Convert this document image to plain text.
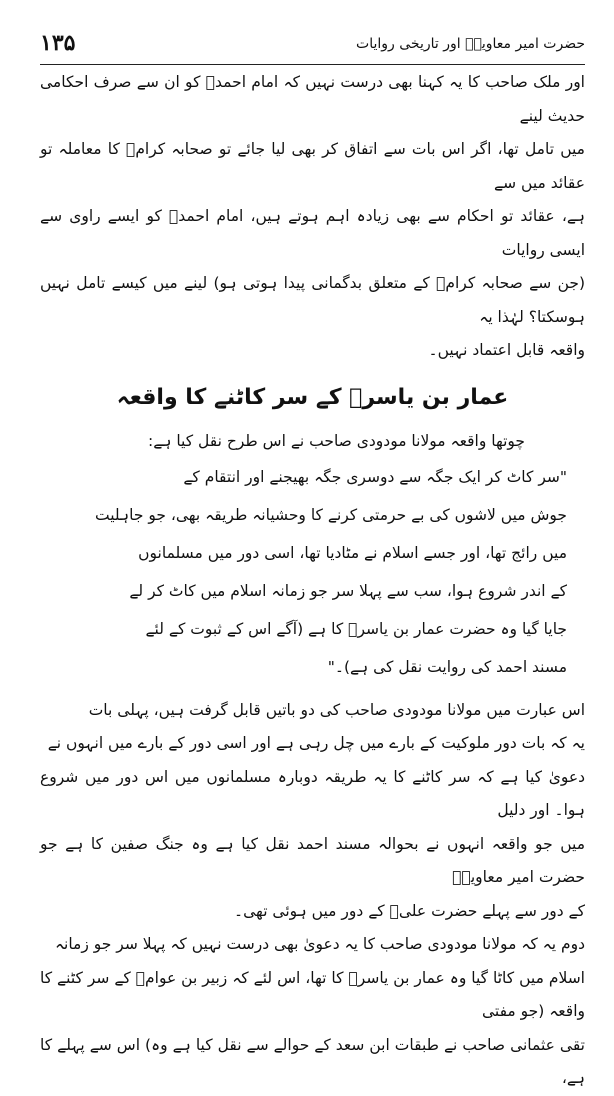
۱۳۵	حضرت امیر معاویہؓ اور تاریخی روایات

اور ملک صاحب کا یہ کہنا بھی درست نہیں کہ امام احمدؒ کو ان سے صرف احکامی حدیث لینے
میں تامل تھا، اگر اس بات سے اتفاق کر بھی لیا جائے تو صحابہ کرامؓ کا معاملہ تو عقائد میں سے
ہے، عقائد تو احکام سے بھی زیادہ اہم ہوتے ہیں، امام احمدؒ کو ایسے راوی سے ایسی روایات
(جن سے صحابہ کرامؓ کے متعلق بدگمانی پیدا ہوتی ہو) لینے میں کیسے تامل نہیں ہوسکتا؟ لہٰذا یہ
واقعہ قابل اعتماد نہیں۔

عمار بن یاسرؓ کے سر کاٹنے کا واقعہ

چوتھا واقعہ مولانا مودودی صاحب نے اس طرح نقل کیا ہے:

"سر کاٹ کر ایک جگہ سے دوسری جگہ بھیجنے اور انتقام کے
جوش میں لاشوں کی بے حرمتی کرنے کا وحشیانہ طریقہ بھی، جو جاہلیت
میں رائج تھا، اور جسے اسلام نے مٹادیا تھا، اسی دور میں مسلمانوں
کے اندر شروع ہوا، سب سے پہلا سر جو زمانہ اسلام میں کاٹ کر لے
جایا گیا وہ حضرت عمار بن یاسرؓ کا ہے (آگے اس کے ثبوت کے لئے
مسند احمد کی روایت نقل کی ہے)۔"

اس عبارت میں مولانا مودودی صاحب کی دو باتیں قابل گرفت ہیں، پہلی بات
یہ کہ بات دور ملوکیت کے بارے میں چل رہی ہے اور اسی دور کے بارے میں انہوں نے
دعویٰ کیا ہے کہ سر کاٹنے کا یہ طریقہ دوبارہ مسلمانوں میں اس دور میں شروع ہوا۔ اور دلیل
میں جو واقعہ انہوں نے بحوالہ مسند احمد نقل کیا ہے وہ جنگ صفین کا ہے جو حضرت امیر معاویہؓ
کے دور سے پہلے حضرت علیؓ کے دور میں ہوئی تھی۔

دوم یہ کہ مولانا مودودی صاحب کا یہ دعویٰ بھی درست نہیں کہ پہلا سر جو زمانہ
اسلام میں کاٹا گیا وہ عمار بن یاسرؓ کا تھا، اس لئے کہ زبیر بن عوامؓ کے سر کٹنے کا واقعہ (جو مفتی
تقی عثمانی صاحب نے طبقات ابن سعد کے حوالے سے نقل کیا ہے وہ) اس سے پہلے کا ہے،
